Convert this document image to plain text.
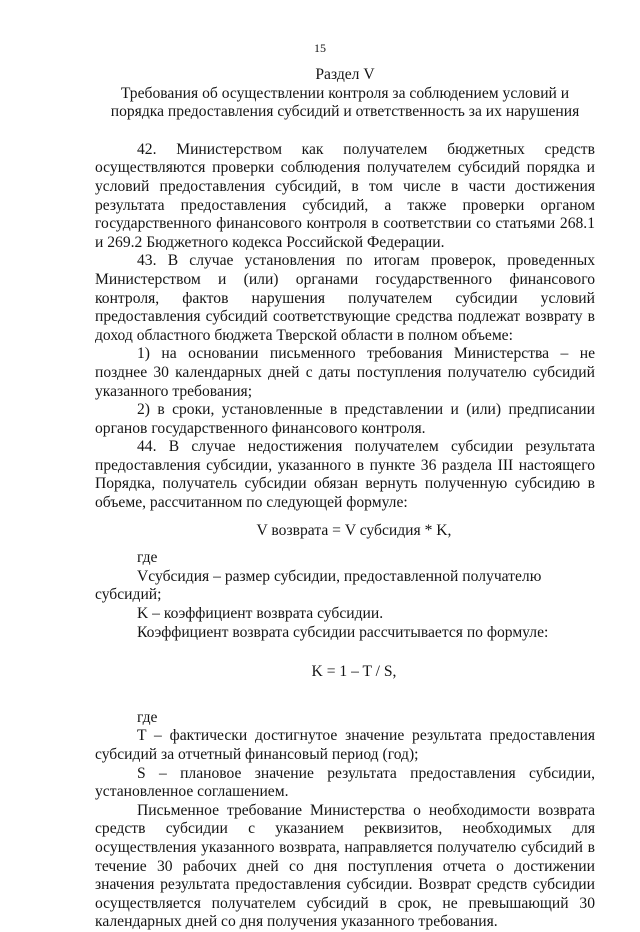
15

Раздел V

Требования об осуществлении контроля за соблюдением условий и порядка предоставления субсидий и ответственность за их нарушения

42. Министерством как получателем бюджетных средств осуществляются проверки соблюдения получателем субсидий порядка и условий предоставления субсидий, в том числе в части достижения результата предоставления субсидий, а также проверки органом государственного финансового контроля в соответствии со статьями 268.1 и 269.2 Бюджетного кодекса Российской Федерации.

43. В случае установления по итогам проверок, проведенных Министерством и (или) органами государственного финансового контроля, фактов нарушения получателем субсидии условий предоставления субсидий соответствующие средства подлежат возврату в доход областного бюджета Тверской области в полном объеме:

1) на основании письменного требования Министерства – не позднее 30 календарных дней с даты поступления получателю субсидий указанного требования;

2) в сроки, установленные в представлении и (или) предписании органов государственного финансового контроля.

44. В случае недостижения получателем субсидии результата предоставления субсидии, указанного в пункте 36 раздела III настоящего Порядка, получатель субсидии обязан вернуть полученную субсидию в объеме, рассчитанном по следующей формуле:

V возврата = V субсидия * K,

где

Vсубсидия – размер субсидии, предоставленной получателю субсидий;

K – коэффициент возврата субсидии.

Коэффициент возврата субсидии рассчитывается по формуле:

K = 1 – T / S,

где

T – фактически достигнутое значение результата предоставления субсидий за отчетный финансовый период (год);

S – плановое значение результата предоставления субсидии, установленное соглашением.

Письменное требование Министерства о необходимости возврата средств субсидии с указанием реквизитов, необходимых для осуществления указанного возврата, направляется получателю субсидий в течение 30 рабочих дней со дня поступления отчета о достижении значения результата предоставления субсидии. Возврат средств субсидии осуществляется получателем субсидий в срок, не превышающий 30 календарных дней со дня получения указанного требования.
